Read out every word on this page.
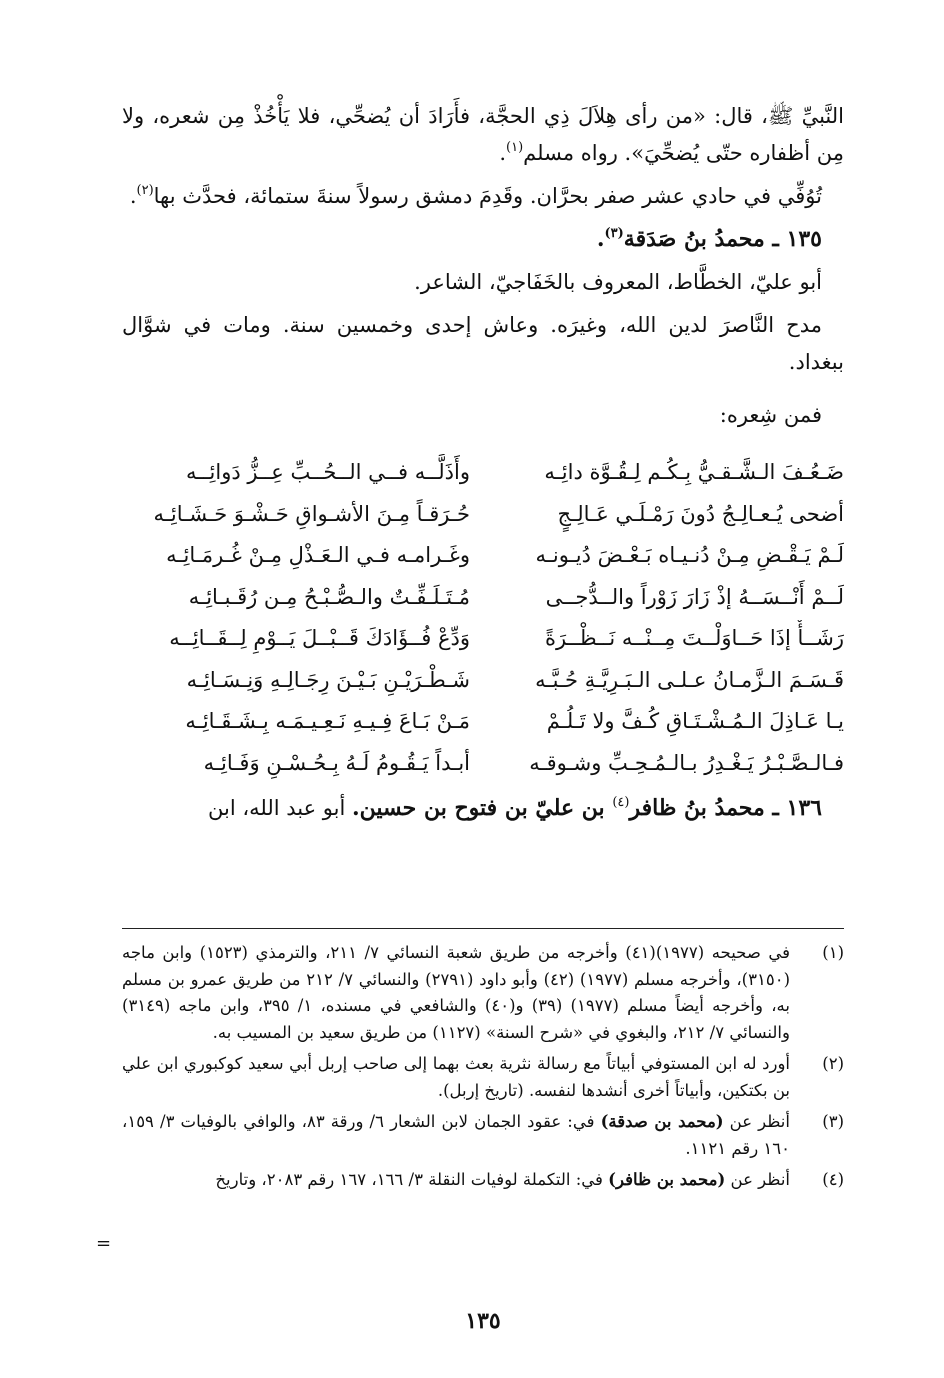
النَّبيِّ ﷺ، قال: «من رأى هِلاَلَ ذِي الحجَّة، فأَرَادَ أن يُضحِّي، فلا يَأْخُذْ مِن شعره، ولا مِن أظفاره حتّى يُضحِّيَ». رواه مسلم$^{(١)}$.

تُوُفِّي في حادي عشر صفر بحرَّان. وقَدِمَ دمشق رسولاً سنةَ ستمائة، فحدَّث بها$^{(٢)}$.

١٣٥ ـ محمدُ بنُ صَدَقة$^{(٣)}$.

أبو عليّ، الخطَّاط، المعروف بالخَفَاجيّ، الشاعر.

مدح النَّاصرَ لدين الله، وغيرَه. وعاش إحدى وخمسين سنة. ومات في شوَّال ببغداد.

فمن شِعره:

ضَـعُـفَ الـشَّـقـيُّ بِـكُـم لِـقُـوَّة دائِـه
وأَذَلَّــه فــي الــحُــبِّ عِــزُّ دَوائِــه
أضحى يُـعـالِـجُ دُونَ رَمْـلَـي عَـالِـجٍ
حُـرَقـاً مِـنَ الأشـواقِ حَـشْـوَ حَـشَـائِـه
لَـمْ يَـقْـضِ مِـنْ دُنـيـاه بَـعْـضَ دُيـونـه
وغَـرامـه فـي الـعَـذْلِ مِـنْ غُـرمَـائِـه
لَــمْ أَنْــسَــهُ إذْ زَارَ زَوْراً والــدُّجــى
مُـتَـلَـفِّـتٌ والـصُّـبْـحُ مِـن رُقَـبـائِـه
رَشَــأٌ إذَا حَــاوَلْــتَ مِــنْــه نَــظْــرَةً
وَدِّعْ فُــؤَادَكَ قَــبْــلَ يَــوْمِ لِــقَــائِــه
قَـسَـمَ الـزَّمـانُ عـلـى الـبَـرِيَّـةِ حُـبَّـه
شَـطْـرَيْـنِ بَـيْـنَ رِجَـالِـهِ وَنِـسَـائِـه
يـا عَـاذِلَ الـمُـشْـتَـاقِ كُـفَّ ولا تَـلُـمْ
مَـنْ بَـاعَ فِـيـهِ نَـعِـيـمَـه بِـشَـقَـائِـه
فـالـصَّـبْـرُ يَـغْـدِرُ بـالـمُـحِـبِّ وشـوقـه
أبـداً يَـقُـومُ لَـهُ بِـحُـسْـنِ وَفَـائِـه

١٣٦ ـ محمدُ بنُ ظافر$^{(٤)}$ بن عليّ بن فتوح بن حسين. أبو عبد الله، ابن

(١)
في صحيحه (١٩٧٧)(٤١) وأخرجه من طريق شعبة النسائي ٧/ ٢١١، والترمذي (١٥٢٣) وابن ماجه (٣١٥٠)، وأخرجه مسلم (١٩٧٧) (٤٢) وأبو داود (٢٧٩١) والنسائي ٧/ ٢١٢ من طريق عمرو بن مسلم به، وأخرجه أيضاً مسلم (١٩٧٧) (٣٩) و(٤٠) والشافعي في مسنده، ١/ ٣٩٥، وابن ماجه (٣١٤٩) والنسائي ٧/ ٢١٢، والبغوي في «شرح السنة» (١١٢٧) من طريق سعيد بن المسيب به.
(٢)
أورد له ابن المستوفي أبياتاً مع رسالة نثرية بعث بهما إلى صاحب إربل أبي سعيد كوكبوري ابن علي بن بكتكين، وأبياتاً أخرى أنشدها لنفسه. (تاريخ إربل).
(٣)
أنظر عن (محمد بن صدقة) في: عقود الجمان لابن الشعار ٦/ ورقة ٨٣، والوافي بالوفيات ٣/ ١٥٩، ١٦٠ رقم ١١٢١.
(٤)
أنظر عن (محمد بن ظافر) في: التكملة لوفيات النقلة ٣/ ١٦٦، ١٦٧ رقم ٢٠٨٣، وتاريخ
=
١٣٥
